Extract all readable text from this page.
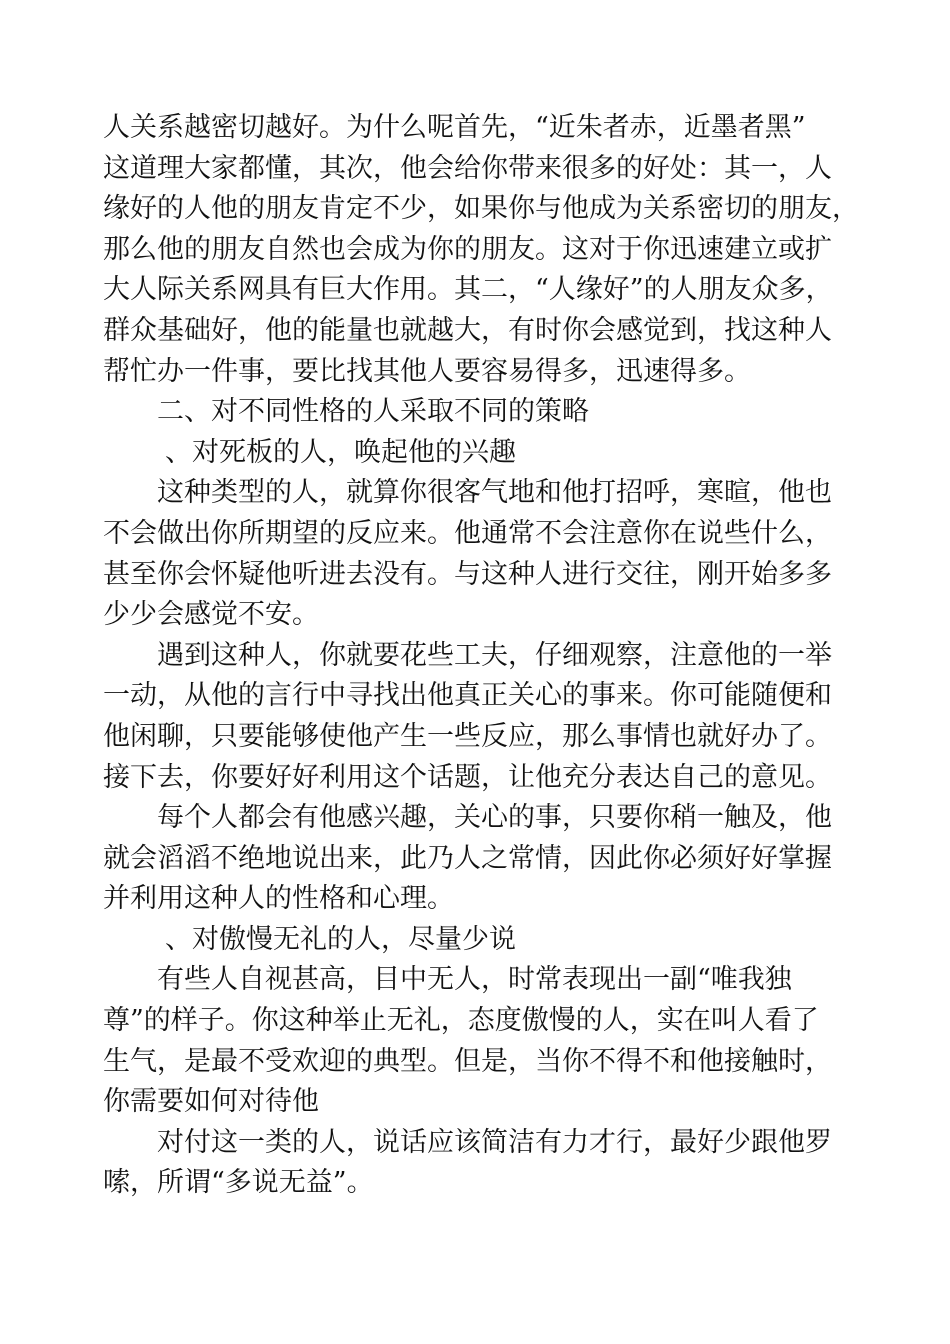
人关系越密切越好。为什么呢首先，“近朱者赤，近墨者黑”
这道理大家都懂，其次，他会给你带来很多的好处：其一，人
缘好的人他的朋友肯定不少，如果你与他成为关系密切的朋友，
那么他的朋友自然也会成为你的朋友。这对于你迅速建立或扩
大人际关系网具有巨大作用。其二，“人缘好”的人朋友众多，
群众基础好，他的能量也就越大，有时你会感觉到，找这种人
帮忙办一件事，要比找其他人要容易得多，迅速得多。
二、对不同性格的人采取不同的策略
、对死板的人，唤起他的兴趣
这种类型的人，就算你很客气地和他打招呼，寒暄，他也
不会做出你所期望的反应来。他通常不会注意你在说些什么，
甚至你会怀疑他听进去没有。与这种人进行交往，刚开始多多
少少会感觉不安。
遇到这种人，你就要花些工夫，仔细观察，注意他的一举
一动，从他的言行中寻找出他真正关心的事来。你可能随便和
他闲聊，只要能够使他产生一些反应，那么事情也就好办了。
接下去，你要好好利用这个话题，让他充分表达自己的意见。
每个人都会有他感兴趣，关心的事，只要你稍一触及，他
就会滔滔不绝地说出来，此乃人之常情，因此你必须好好掌握
并利用这种人的性格和心理。
、对傲慢无礼的人，尽量少说
有些人自视甚高，目中无人，时常表现出一副“唯我独
尊”的样子。你这种举止无礼，态度傲慢的人，实在叫人看了
生气，是最不受欢迎的典型。但是，当你不得不和他接触时，
你需要如何对待他
对付这一类的人，说话应该简洁有力才行，最好少跟他罗
嗦，所谓“多说无益”。
